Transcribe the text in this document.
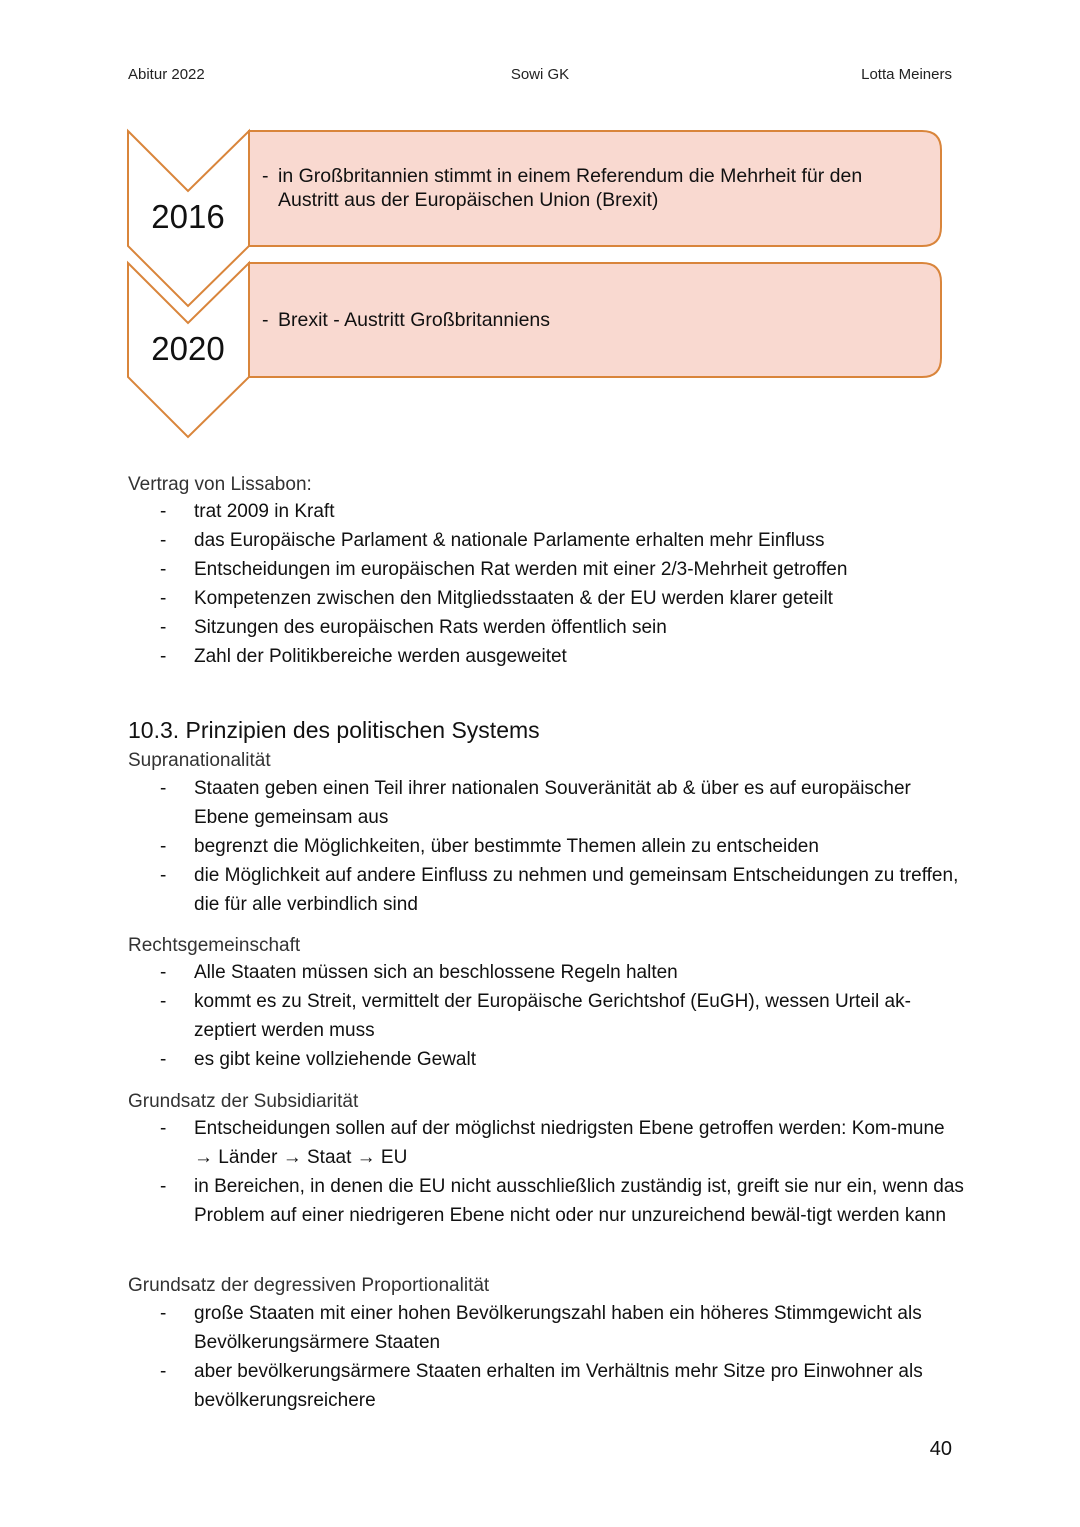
Abitur 2022	Sowi GK	Lotta Meiners
2016
- in Großbritannien stimmt in einem Referendum die Mehrheit für den Austritt aus der Europäischen Union (Brexit)
2020
- Brexit - Austritt Großbritanniens
Vertrag von Lissabon:
- trat 2009 in Kraft
- das Europäische Parlament & nationale Parlamente erhalten mehr Einfluss
- Entscheidungen im europäischen Rat werden mit einer 2/3-Mehrheit getroffen
- Kompetenzen zwischen den Mitgliedsstaaten & der EU werden klarer geteilt
- Sitzungen des europäischen Rats werden öffentlich sein
- Zahl der Politikbereiche werden ausgeweitet
10.3. Prinzipien des politischen Systems
Supranationalität
- Staaten geben einen Teil ihrer nationalen Souveränität ab & über es auf europäischer Ebene gemeinsam aus
- begrenzt die Möglichkeiten, über bestimmte Themen allein zu entscheiden
- die Möglichkeit auf andere Einfluss zu nehmen und gemeinsam Entscheidungen zu treffen, die für alle verbindlich sind
Rechtsgemeinschaft
- Alle Staaten müssen sich an beschlossene Regeln halten
- kommt es zu Streit, vermittelt der Europäische Gerichtshof (EuGH), wessen Urteil ak-zeptiert werden muss
- es gibt keine vollziehende Gewalt
Grundsatz der Subsidiarität
- Entscheidungen sollen auf der möglichst niedrigsten Ebene getroffen werden: Kom-mune → Länder → Staat → EU
- in Bereichen, in denen die EU nicht ausschließlich zuständig ist, greift sie nur ein, wenn das Problem auf einer niedrigeren Ebene nicht oder nur unzureichend bewäl-tigt werden kann
Grundsatz der degressiven Proportionalität
- große Staaten mit einer hohen Bevölkerungszahl haben ein höheres Stimmgewicht als Bevölkerungsärmere Staaten
- aber bevölkerungsärmere Staaten erhalten im Verhältnis mehr Sitze pro Einwohner als bevölkerungsreichere
40
